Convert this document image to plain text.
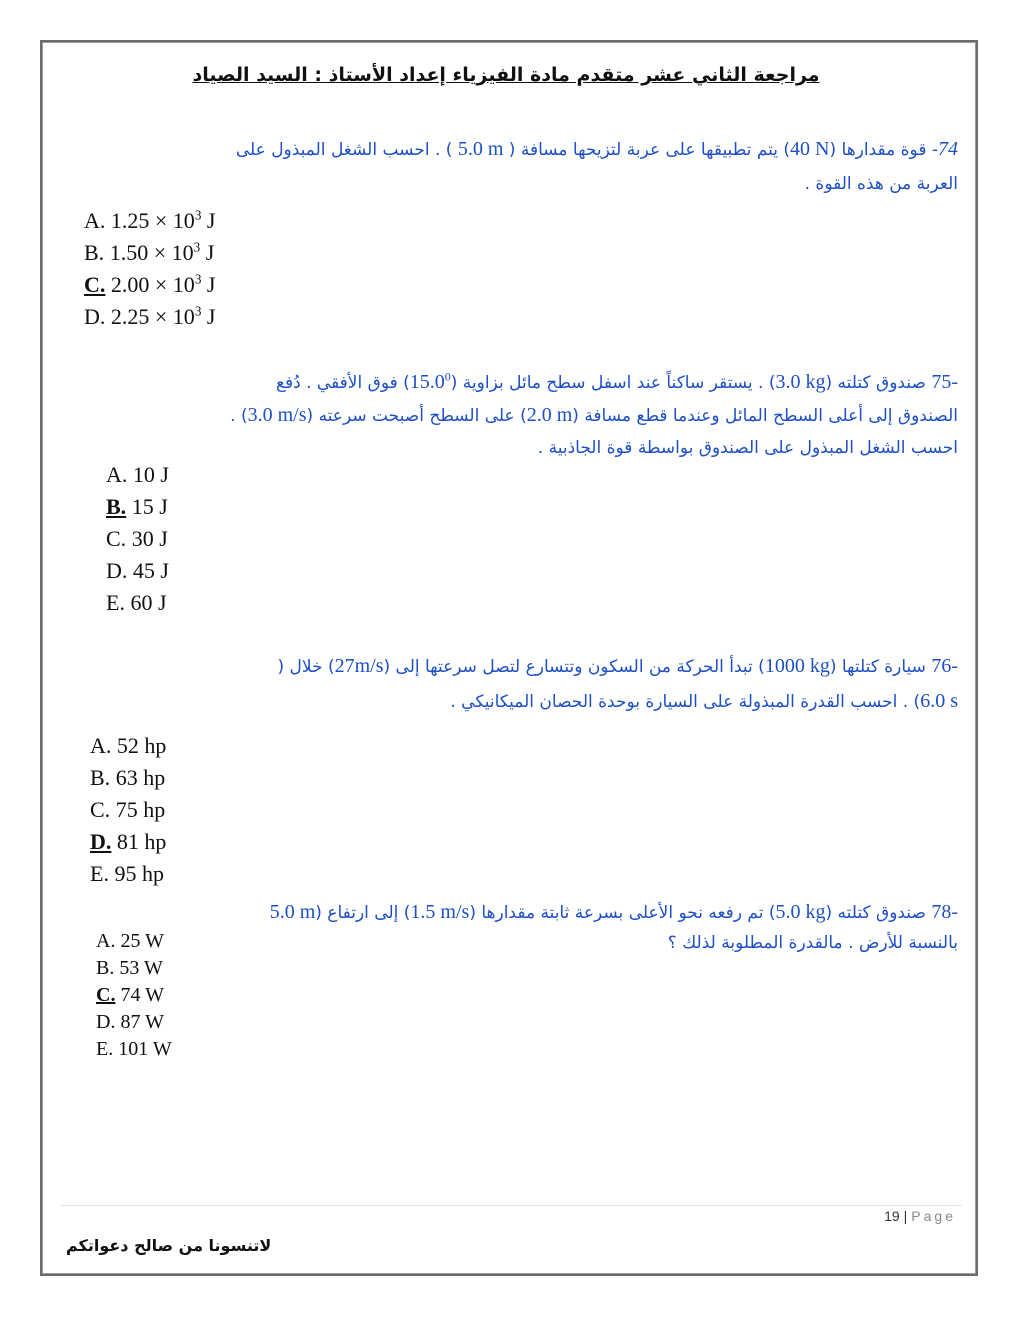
مراجعة الثاني عشر متقدم مادة الفيزياء إعداد الأستاذ : السيد الصياد
74- قوة مقدارها (40 N) يتم تطبيقها على عربة لتزيحها مسافة ( 5.0 m ) . احسب الشغل المبذول على
العربة من هذه القوة .
A. $1.25 \times 10^3$ J
B. $1.50 \times 10^3$ J
C. $2.00 \times 10^3$ J
D. $2.25 \times 10^3$ J
75- صندوق كتلته (3.0 kg) . يستقر ساكناً عند اسفل سطح مائل بزاوية (15.0$^0$) فوق الأفقي . دُفع
الصندوق إلى أعلى السطح المائل وعندما قطع مسافة (2.0 m) على السطح أصبحت سرعته (3.0 m/s) .
احسب الشغل المبذول على الصندوق بواسطة قوة الجاذبية .
A. 10 J
B. 15 J
C. 30 J
D. 45 J
E. 60 J
76- سيارة كتلتها (1000 kg) تبدأ الحركة من السكون وتتسارع لتصل سرعتها إلى (27m/s) خلال (
6.0 s) . احسب القدرة المبذولة على السيارة بوحدة الحصان الميكانيكي .
A. 52 hp
B. 63 hp
C. 75 hp
D. 81 hp
E. 95 hp
78- صندوق كتلته (5.0 kg) تم رفعه نحو الأعلى بسرعة ثابتة مقدارها (1.5 m/s) إلى ارتفاع (5.0 m
بالنسبة للأرض . مالقدرة المطلوبة لذلك ؟
A. 25 W
B. 53 W
C. 74 W
D. 87 W
E. 101 W
19 | Page
لاتنسونا من صالح دعواتكم
